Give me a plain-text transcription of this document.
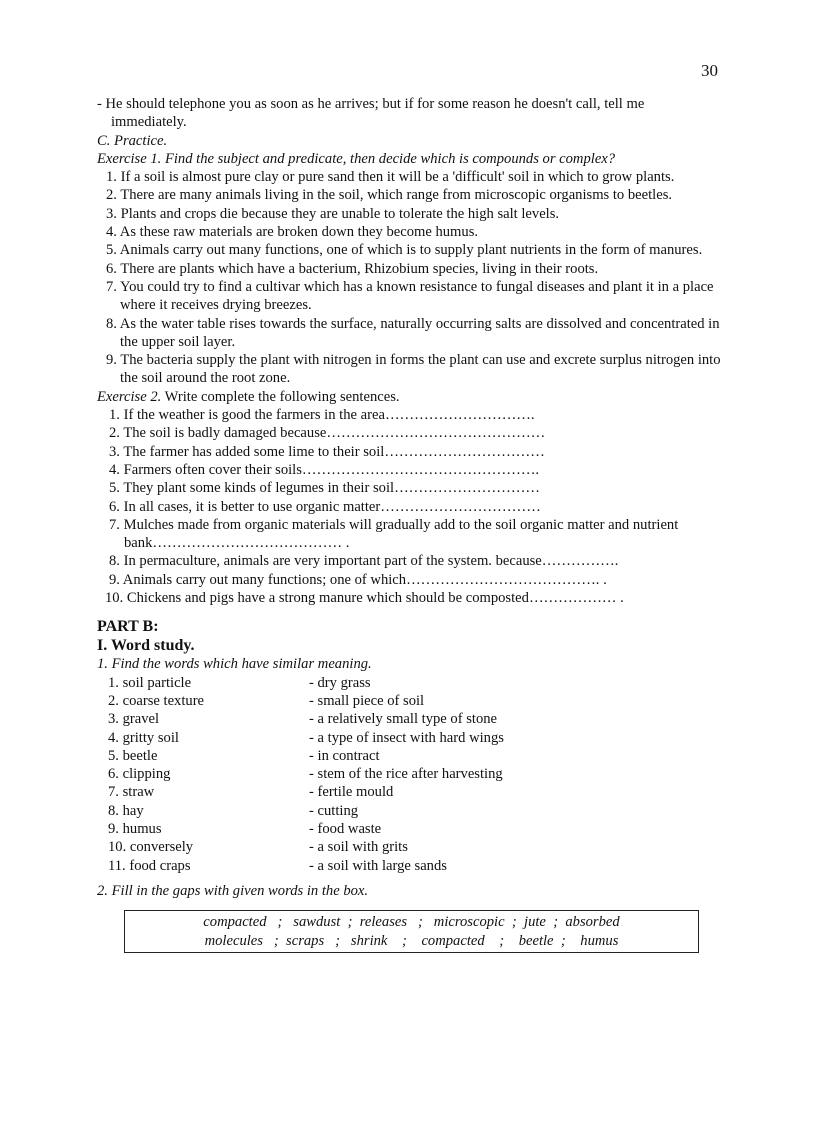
30

- He should telephone you as soon as he arrives; but if for some reason he doesn't call, tell me
immediately.

C. Practice.

Exercise 1. Find the subject and predicate, then decide which is compounds or complex?

1. If a soil is almost pure clay or pure sand then it will be a 'difficult' soil in which to grow plants.
2. There are many animals living in the soil, which range from microscopic organisms to beetles.
3. Plants and crops die because they are unable to tolerate the high salt levels.
4. As these raw materials are broken down they become humus.
5. Animals carry out many functions, one of which is to supply plant nutrients in the form of manures.
6. There are plants which have a bacterium, Rhizobium species, living in their roots.
7. You could try to find a cultivar which has a known resistance to fungal diseases and plant it in a place where it receives drying breezes.
8. As the water table rises towards the surface, naturally occurring salts are dissolved and concentrated in the upper soil layer.
9. The bacteria supply the plant with nitrogen in forms the plant can use and excrete surplus nitrogen into the soil around the root zone.

Exercise 2. Write complete the following sentences.

1. If the weather is good the farmers in the area………………………….
2. The soil is badly damaged because………………………………………
3. The farmer has added some lime to their soil……………………………
4. Farmers often cover their soils………………………………………….
5. They plant some kinds of legumes in their soil…………………………
6. In all cases, it is better to use organic matter……………………………
7. Mulches made from organic materials will gradually add to the soil organic matter and nutrient bank………………………………… .
8. In permaculture, animals are very important part of the system. because…………….
9. Animals carry out many functions; one of which…………………………………. .
10. Chickens and pigs have a strong manure which should be composted……………… .

PART B:

I. Word study.

1. Find the words which have similar meaning.

1. soil particle	- dry grass
2. coarse texture	- small piece of soil
3. gravel	- a relatively small type of stone
4. gritty soil	- a type of insect with hard wings
5. beetle	- in contract
6. clipping	- stem of the rice after harvesting
7. straw	- fertile mould
8. hay	- cutting
9. humus	- food waste
10. conversely	- a soil with grits
11. food craps	- a soil with large sands

2. Fill in the gaps with given words in the box.

compacted   ;   sawdust  ;  releases   ;   microscopic  ;  jute  ;  absorbed
molecules   ;  scraps   ;   shrink    ;    compacted    ;    beetle  ;    humus
